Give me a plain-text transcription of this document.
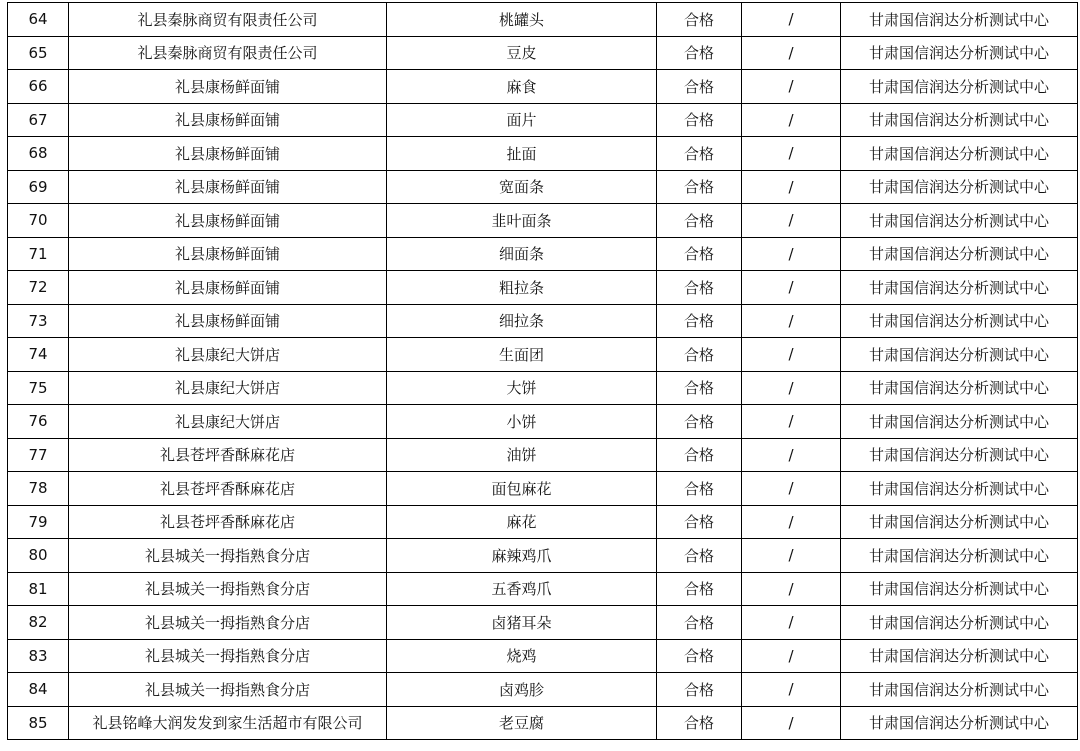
64	礼县秦脉商贸有限责任公司	桃罐头	合格	/	甘肃国信润达分析测试中心
65	礼县秦脉商贸有限责任公司	豆皮	合格	/	甘肃国信润达分析测试中心
66	礼县康杨鲜面铺	麻食	合格	/	甘肃国信润达分析测试中心
67	礼县康杨鲜面铺	面片	合格	/	甘肃国信润达分析测试中心
68	礼县康杨鲜面铺	扯面	合格	/	甘肃国信润达分析测试中心
69	礼县康杨鲜面铺	宽面条	合格	/	甘肃国信润达分析测试中心
70	礼县康杨鲜面铺	韭叶面条	合格	/	甘肃国信润达分析测试中心
71	礼县康杨鲜面铺	细面条	合格	/	甘肃国信润达分析测试中心
72	礼县康杨鲜面铺	粗拉条	合格	/	甘肃国信润达分析测试中心
73	礼县康杨鲜面铺	细拉条	合格	/	甘肃国信润达分析测试中心
74	礼县康纪大饼店	生面团	合格	/	甘肃国信润达分析测试中心
75	礼县康纪大饼店	大饼	合格	/	甘肃国信润达分析测试中心
76	礼县康纪大饼店	小饼	合格	/	甘肃国信润达分析测试中心
77	礼县苍坪香酥麻花店	油饼	合格	/	甘肃国信润达分析测试中心
78	礼县苍坪香酥麻花店	面包麻花	合格	/	甘肃国信润达分析测试中心
79	礼县苍坪香酥麻花店	麻花	合格	/	甘肃国信润达分析测试中心
80	礼县城关一拇指熟食分店	麻辣鸡爪	合格	/	甘肃国信润达分析测试中心
81	礼县城关一拇指熟食分店	五香鸡爪	合格	/	甘肃国信润达分析测试中心
82	礼县城关一拇指熟食分店	卤猪耳朵	合格	/	甘肃国信润达分析测试中心
83	礼县城关一拇指熟食分店	烧鸡	合格	/	甘肃国信润达分析测试中心
84	礼县城关一拇指熟食分店	卤鸡胗	合格	/	甘肃国信润达分析测试中心
85	礼县铭峰大润发发到家生活超市有限公司	老豆腐	合格	/	甘肃国信润达分析测试中心
